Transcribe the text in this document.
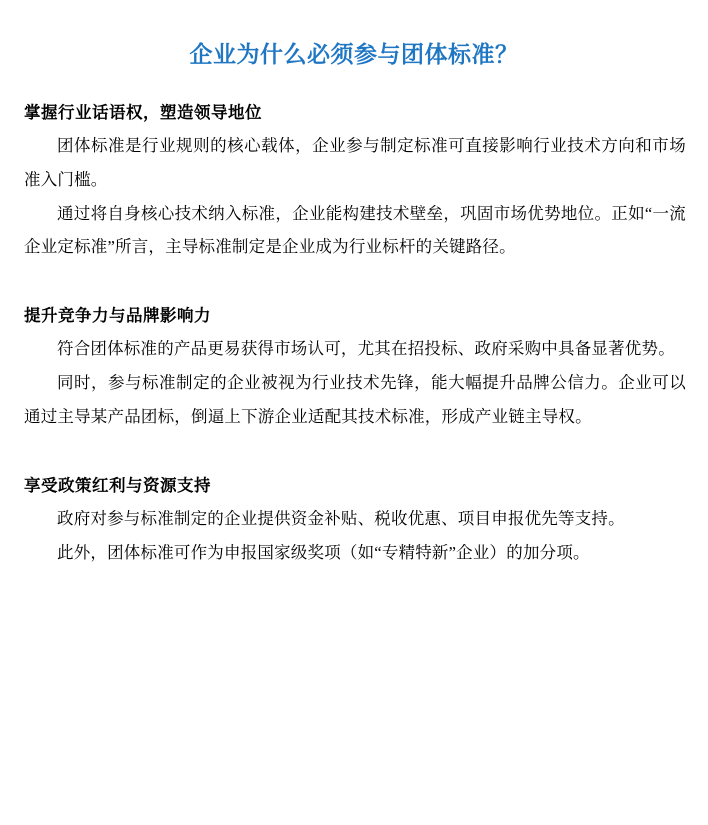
企业为什么必须参与团体标准？
掌握行业话语权，塑造领导地位

团体标准是行业规则的核心载体，企业参与制定标准可直接影响行业技术方向和市场准入门槛。

通过将自身核心技术纳入标准，企业能构建技术壁垒，巩固市场优势地位。正如“一流企业定标准”所言，主导标准制定是企业成为行业标杆的关键路径。

提升竞争力与品牌影响力

符合团体标准的产品更易获得市场认可，尤其在招投标、政府采购中具备显著优势。

同时，参与标准制定的企业被视为行业技术先锋，能大幅提升品牌公信力。企业可以通过主导某产品团标，倒逼上下游企业适配其技术标准，形成产业链主导权。

享受政策红利与资源支持

政府对参与标准制定的企业提供资金补贴、税收优惠、项目申报优先等支持。

此外，团体标准可作为申报国家级奖项（如“专精特新”企业）的加分项。
